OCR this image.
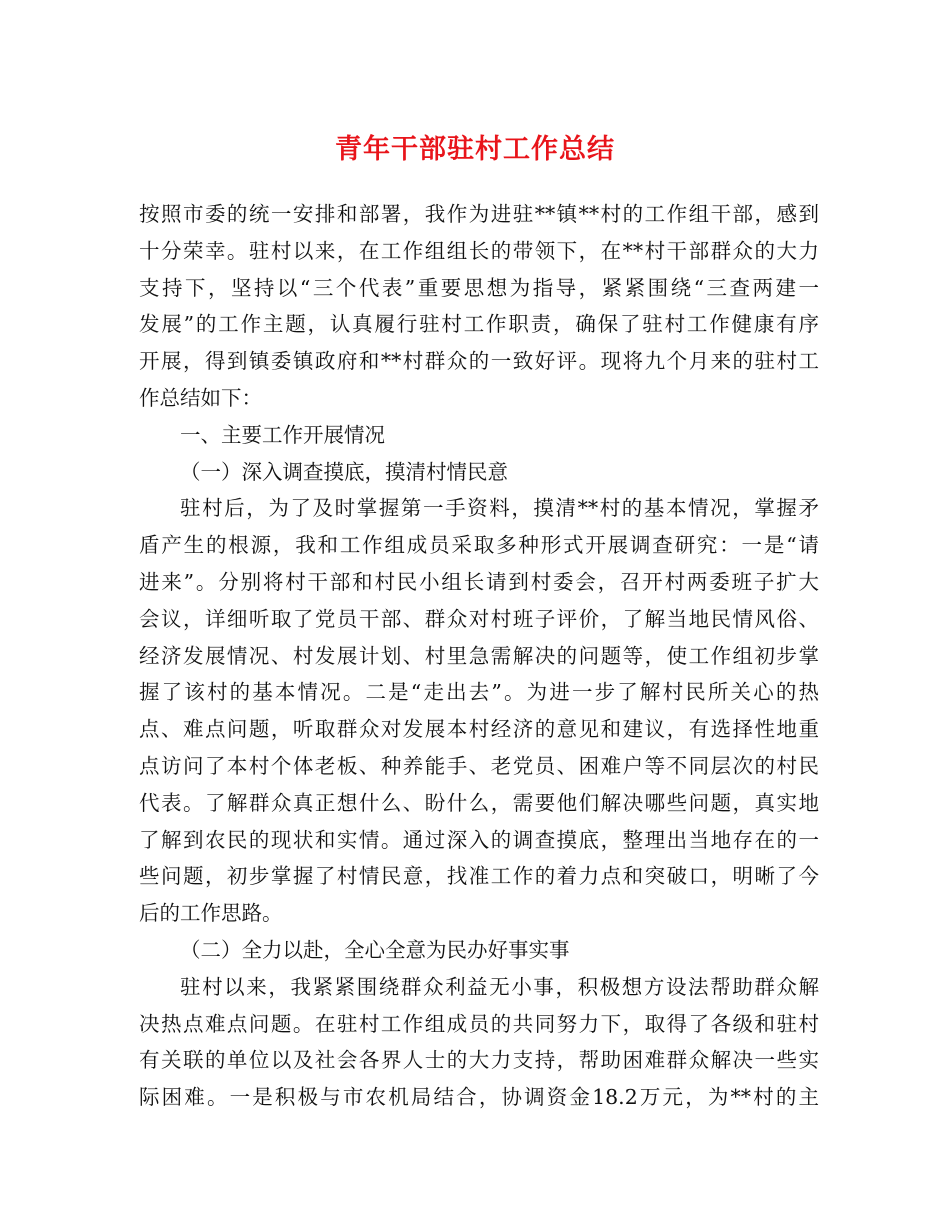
青年干部驻村工作总结
按照市委的统一安排和部署，我作为进驻**镇**村的工作组干部，感到
十分荣幸。驻村以来，在工作组组长的带领下，在**村干部群众的大力
支持下，坚持以“三个代表”重要思想为指导，紧紧围绕“三查两建一
发展”的工作主题，认真履行驻村工作职责，确保了驻村工作健康有序
开展，得到镇委镇政府和**村群众的一致好评。现将九个月来的驻村工
作总结如下：
一、主要工作开展情况
（一）深入调查摸底，摸清村情民意
驻村后，为了及时掌握第一手资料，摸清**村的基本情况，掌握矛
盾产生的根源，我和工作组成员采取多种形式开展调查研究：一是“请
进来”。分别将村干部和村民小组长请到村委会，召开村两委班子扩大
会议，详细听取了党员干部、群众对村班子评价，了解当地民情风俗、
经济发展情况、村发展计划、村里急需解决的问题等，使工作组初步掌
握了该村的基本情况。二是“走出去”。为进一步了解村民所关心的热
点、难点问题，听取群众对发展本村经济的意见和建议，有选择性地重
点访问了本村个体老板、种养能手、老党员、困难户等不同层次的村民
代表。了解群众真正想什么、盼什么，需要他们解决哪些问题，真实地
了解到农民的现状和实情。通过深入的调查摸底，整理出当地存在的一
些问题，初步掌握了村情民意，找准工作的着力点和突破口，明晰了今
后的工作思路。
（二）全力以赴，全心全意为民办好事实事
驻村以来，我紧紧围绕群众利益无小事，积极想方设法帮助群众解
决热点难点问题。在驻村工作组成员的共同努力下，取得了各级和驻村
有关联的单位以及社会各界人士的大力支持，帮助困难群众解决一些实
际困难。一是积极与市农机局结合，协调资金18.2万元，为**村的主
